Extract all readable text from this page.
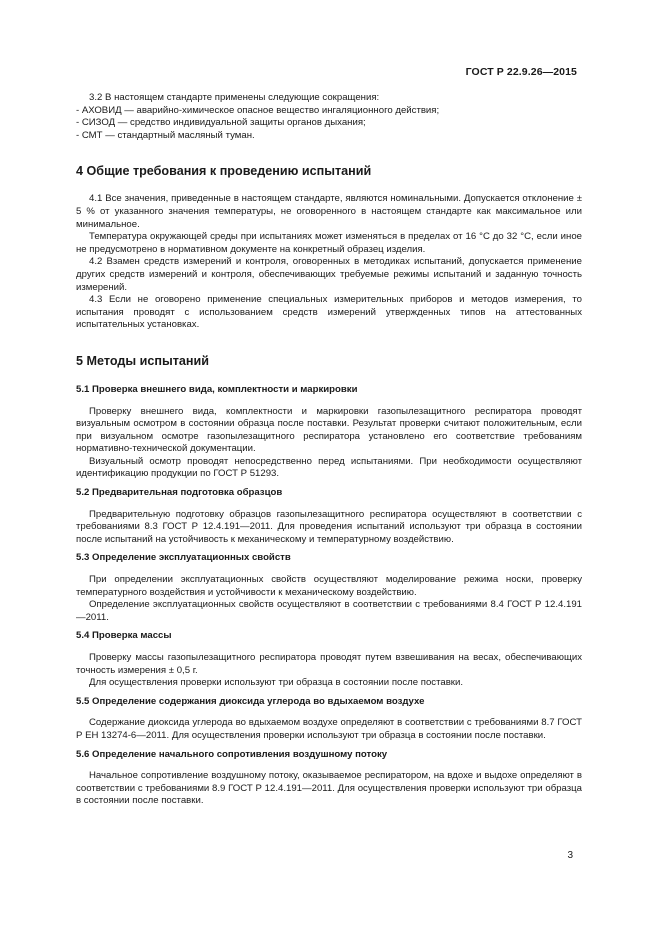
ГОСТ Р 22.9.26—2015

3.2 В настоящем стандарте применены следующие сокращения:

- АХОВИД — аварийно-химическое опасное вещество ингаляционного действия;

- СИЗОД — средство индивидуальной защиты органов дыхания;

- СМТ — стандартный масляный туман.

4 Общие требования к проведению испытаний

4.1 Все значения, приведенные в настоящем стандарте, являются номинальными. Допускается отклонение ± 5 % от указанного значения температуры, не оговоренного в настоящем стандарте как максимальное или минимальное.

Температура окружающей среды при испытаниях может изменяться в пределах от 16 °С до 32 °С, если иное не предусмотрено в нормативном документе на конкретный образец изделия.

4.2 Взамен средств измерений и контроля, оговоренных в методиках испытаний, допускается применение других средств измерений и контроля, обеспечивающих требуемые режимы испытаний и заданную точность измерений.

4.3 Если не оговорено применение специальных измерительных приборов и методов измерения, то испытания проводят с использованием средств измерений утвержденных типов на аттестованных испытательных установках.

5 Методы испытаний
5.1 Проверка внешнего вида, комплектности и маркировки

Проверку внешнего вида, комплектности и маркировки газопылезащитного респиратора проводят визуальным осмотром в состоянии образца после поставки. Результат проверки считают положительным, если при визуальном осмотре газопылезащитного респиратора установлено его соответствие требованиям нормативно-технической документации.

Визуальный осмотр проводят непосредственно перед испытаниями. При необходимости осуществляют идентификацию продукции по ГОСТ Р 51293.

5.2 Предварительная подготовка образцов

Предварительную подготовку образцов газопылезащитного респиратора осуществляют в соответствии с требованиями 8.3 ГОСТ Р 12.4.191—2011. Для проведения испытаний используют три образца в состоянии после испытаний на устойчивость к механическому и температурному воздействию.

5.3 Определение эксплуатационных свойств

При определении эксплуатационных свойств осуществляют моделирование режима носки, проверку температурного воздействия и устойчивости к механическому воздействию.

Определение эксплуатационных свойств осуществляют в соответствии с требованиями 8.4 ГОСТ Р 12.4.191—2011.

5.4 Проверка массы

Проверку массы газопылезащитного респиратора проводят путем взвешивания на весах, обеспечивающих точность измерения ± 0,5 г.

Для осуществления проверки используют три образца в состоянии после поставки.

5.5 Определение содержания диоксида углерода во вдыхаемом воздухе

Содержание диоксида углерода во вдыхаемом воздухе определяют в соответствии с требованиями 8.7 ГОСТ Р ЕН 13274-6—2011. Для осуществления проверки используют три образца в состоянии после поставки.

5.6 Определение начального сопротивления воздушному потоку

Начальное сопротивление воздушному потоку, оказываемое респиратором, на вдохе и выдохе определяют в соответствии с требованиями 8.9 ГОСТ Р 12.4.191—2011. Для осуществления проверки используют три образца в состоянии после поставки.

3
